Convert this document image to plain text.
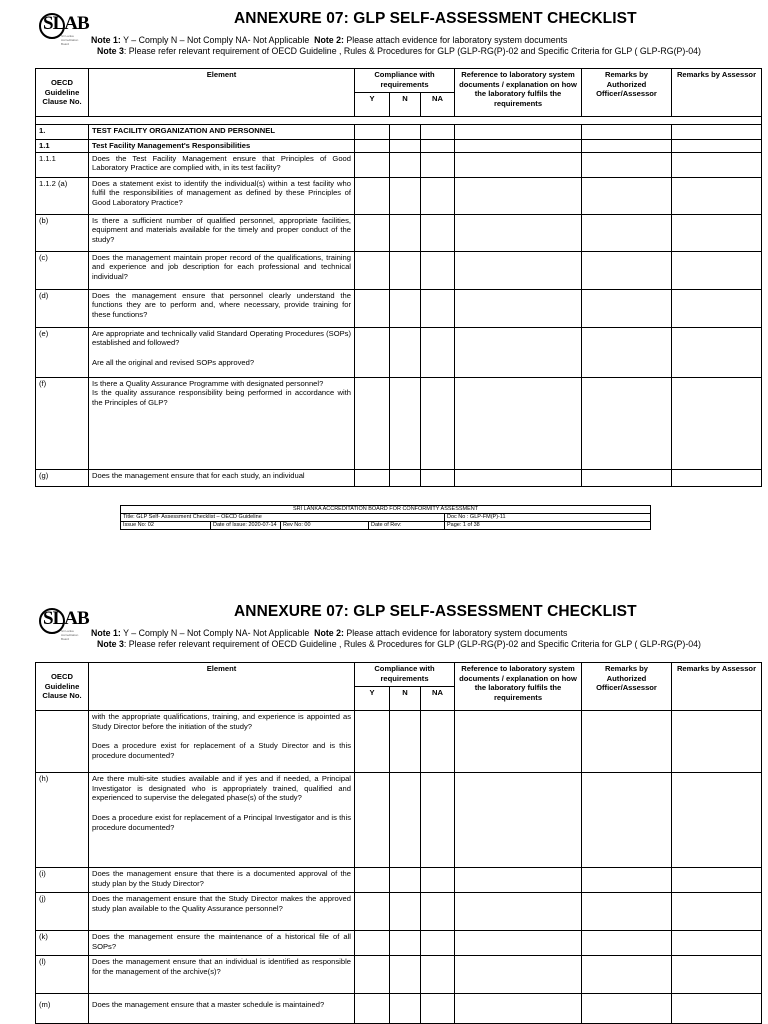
SLAB
Sri Lanka Accreditation Board
ANNEXURE 07: GLP SELF-ASSESSMENT CHECKLIST
Note 1: Y – Comply N – Not Comply NA- Not Applicable Note 2: Please attach evidence for laboratory system documents
Note 3: Please refer relevant requirement of OECD Guideline , Rules & Procedures for GLP (GLP-RG(P)-02 and Specific Criteria for GLP ( GLP-RG(P)-04)
OECD Guideline Clause No.	Element	Compliance with requirements			Reference to laboratory system documents / explanation on how the laboratory fulfils the requirements	Remarks by Authorized Officer/Assessor	Remarks by Assessor
		Y	N	NA			

1.	TEST FACILITY ORGANIZATION AND PERSONNEL						
1.1	Test Facility Management's Responsibilities						
1.1.1	Does the Test Facility Management ensure that Principles of Good Laboratory Practice are complied with, in its test facility?						
1.1.2 (a)	Does a statement exist to identify the individual(s) within a test facility who fulfil the responsibilities of management as defined by these Principles of Good Laboratory Practice?						
(b)	Is there a sufficient number of qualified personnel, appropriate facilities, equipment and materials available for the timely and proper conduct of the study?						
(c)	Does the management maintain proper record of the qualifications, training and experience and job description for each professional and technical individual?						
(d)	Does the management ensure that personnel clearly understand the functions they are to perform and, where necessary, provide training for these functions?						
(e)	Are appropriate and technically valid Standard Operating Procedures (SOPs) established and followed?
Are all the original and revised SOPs approved?						

(f)	Is there a Quality Assurance Programme with designated personnel?
Is the quality assurance responsibility being performed in accordance with the Principles of GLP?						

(g)	Does the management ensure that for each study, an individual						
SRI LANKA ACCREDITATION BOARD FOR CONFORMITY ASSESSMENT				
Title: GLP Self- Assessment Checklist – OECD Guideline				Doc No : GLP-FM(P)-11
Issue No: 02	Date of Issue: 2020-07-14	Rev No: 00	Date of Rev:	Page: 1 of 38
SLAB
Sri Lanka Accreditation Board
ANNEXURE 07: GLP SELF-ASSESSMENT CHECKLIST
Note 1: Y – Comply N – Not Comply NA- Not Applicable Note 2: Please attach evidence for laboratory system documents
Note 3: Please refer relevant requirement of OECD Guideline , Rules & Procedures for GLP (GLP-RG(P)-02 and Specific Criteria for GLP ( GLP-RG(P)-04)
OECD Guideline Clause No.	Element	Compliance with requirements			Reference to laboratory system documents / explanation on how the laboratory fulfils the requirements	Remarks by Authorized Officer/Assessor	Remarks by Assessor
		Y	N	NA			

	with the appropriate qualifications, training, and experience is appointed as Study Director before the initiation of the study?
Does a procedure exist for replacement of a Study Director and is this procedure documented?						

(h)	Are there multi-site studies available and if yes and if needed, a Principal Investigator is designated who is appropriately trained, qualified and experienced to supervise the delegated phase(s) of the study?
Does a procedure exist for replacement of a Principal Investigator and is this procedure documented?						

(i)	Does the management ensure that there is a documented approval of the study plan by the Study Director?						
(j)	Does the management ensure that the Study Director makes the approved study plan available to the Quality Assurance personnel?						
(k)	Does the management ensure the maintenance of a historical file of all SOPs?						
(l)	Does the management ensure that an individual is identified as responsible for the management of the archive(s)?						
(m)	Does the management ensure that a master schedule is maintained?						
